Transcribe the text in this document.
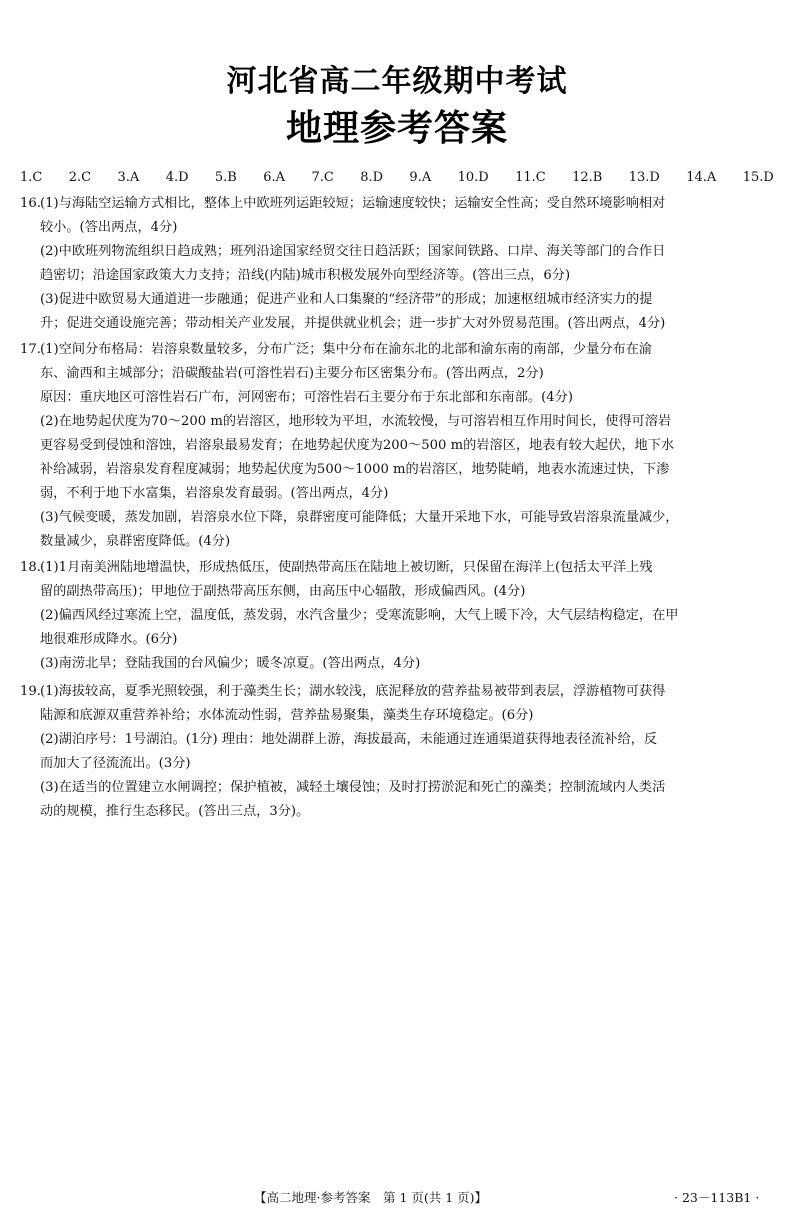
河北省高二年级期中考试
地理参考答案
1.C 2.C 3.A 4.D 5.B 6.A 7.C 8.D 9.A 10.D 11.C 12.B 13.D 14.A 15.D
16. (1)与海陆空运输方式相比，整体上中欧班列运距较短；运输速度较快；运输安全性高；受自然环境影响相对
较小。(答出两点，4分)
(2)中欧班列物流组织日趋成熟；班列沿途国家经贸交往日趋活跃；国家间铁路、口岸、海关等部门的合作日
趋密切；沿途国家政策大力支持；沿线(内陆)城市积极发展外向型经济等。(答出三点，6分)
(3)促进中欧贸易大通道进一步融通；促进产业和人口集聚的“经济带”的形成；加速枢纽城市经济实力的提
升；促进交通设施完善；带动相关产业发展，并提供就业机会；进一步扩大对外贸易范围。(答出两点，4分)
17. (1)空间分布格局：岩溶泉数量较多，分布广泛；集中分布在渝东北的北部和渝东南的南部，少量分布在渝
东、渝西和主城部分；沿碳酸盐岩(可溶性岩石)主要分布区密集分布。(答出两点，2分)
原因：重庆地区可溶性岩石广布，河网密布；可溶性岩石主要分布于东北部和东南部。(4分)
(2)在地势起伏度为70～200 m的岩溶区，地形较为平坦，水流较慢，与可溶岩相互作用时间长，使得可溶岩
更容易受到侵蚀和溶蚀，岩溶泉最易发育；在地势起伏度为200～500 m的岩溶区，地表有较大起伏，地下水
补给减弱，岩溶泉发育程度减弱；地势起伏度为500～1000 m的岩溶区，地势陡峭，地表水流速过快，下渗
弱，不利于地下水富集，岩溶泉发育最弱。(答出两点，4分)
(3)气候变暖，蒸发加剧，岩溶泉水位下降，泉群密度可能降低；大量开采地下水，可能导致岩溶泉流量减少，
数量减少，泉群密度降低。(4分)
18. (1)1月南美洲陆地增温快，形成热低压，使副热带高压在陆地上被切断，只保留在海洋上(包括太平洋上残
留的副热带高压)；甲地位于副热带高压东侧，由高压中心辐散，形成偏西风。(4分)
(2)偏西风经过寒流上空，温度低，蒸发弱，水汽含量少；受寒流影响，大气上暖下冷，大气层结构稳定，在甲
地很难形成降水。(6分)
(3)南涝北旱；登陆我国的台风偏少；暖冬凉夏。(答出两点，4分)
19. (1)海拔较高，夏季光照较强，利于藻类生长；湖水较浅，底泥释放的营养盐易被带到表层，浮游植物可获得
陆源和底源双重营养补给；水体流动性弱，营养盐易聚集，藻类生存环境稳定。(6分)
(2)湖泊序号：1号湖泊。(1分) 理由：地处湖群上游，海拔最高，未能通过连通渠道获得地表径流补给，反
而加大了径流流出。(3分)
(3)在适当的位置建立水闸调控；保护植被，减轻土壤侵蚀；及时打捞淤泥和死亡的藻类；控制流域内人类活
动的规模，推行生态移民。(答出三点，3分)。
【高二地理·参考答案　第 1 页(共 1 页)】	· 23－113B1 ·
